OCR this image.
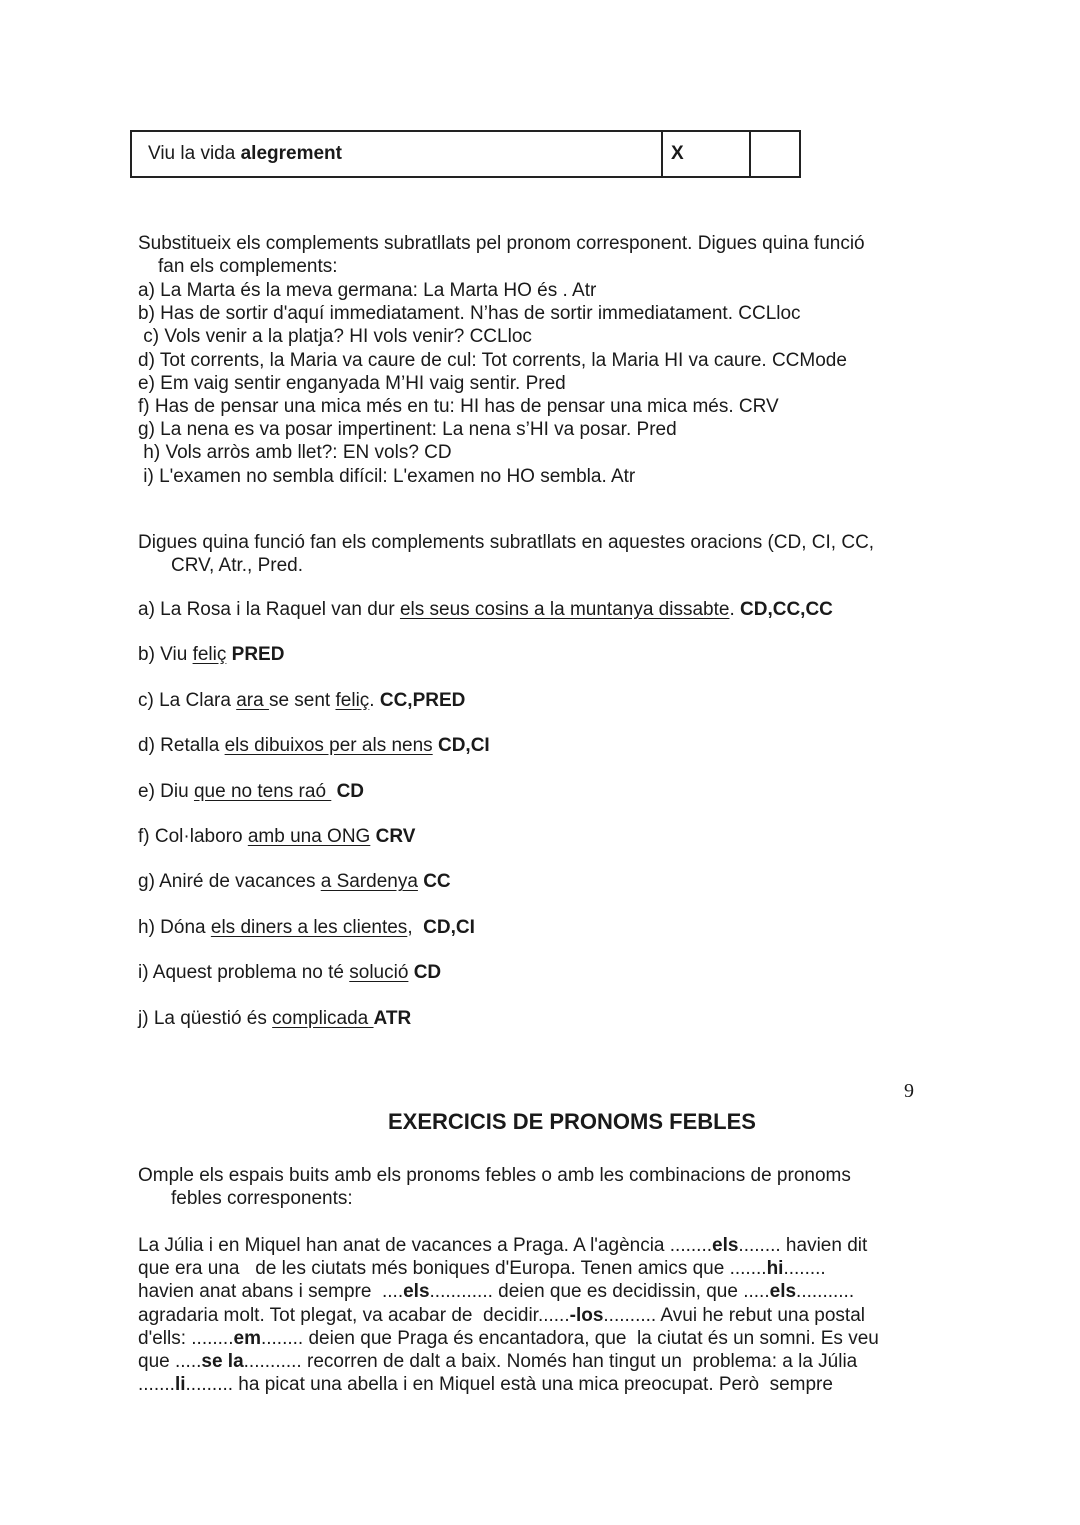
Viu la vida alegrement	X
Substitueix els complements subratllats pel pronom corresponent. Digues quina funció
fan els complements:
a) La Marta és la meva germana: La Marta HO és . Atr
b) Has de sortir d'aquí immediatament. N’has de sortir immediatament. CCLloc
c) Vols venir a la platja? HI vols venir? CCLloc
d) Tot corrents, la Maria va caure de cul: Tot corrents, la Maria HI va caure. CCMode
e) Em vaig sentir enganyada M’HI vaig sentir. Pred
f) Has de pensar una mica més en tu: HI has de pensar una mica més. CRV
g) La nena es va posar impertinent: La nena s’HI va posar. Pred
h) Vols arròs amb llet?: EN vols? CD
i) L'examen no sembla difícil: L'examen no HO sembla. Atr
Digues quina funció fan els complements subratllats en aquestes oracions (CD, CI, CC,
CRV, Atr., Pred.
a) La Rosa i la Raquel van dur els seus cosins a la muntanya dissabte. CD,CC,CC
b) Viu feliç PRED
c) La Clara ara se sent feliç. CC,PRED
d) Retalla els dibuixos per als nens CD,CI
e) Diu que no tens raó  CD
f) Col·laboro amb una ONG CRV
g) Aniré de vacances a Sardenya CC
h) Dóna els diners a les clientes,  CD,CI
i) Aquest problema no té solució CD
j) La qüestió és complicada ATR
9
EXERCICIS DE PRONOMS FEBLES
Omple els espais buits amb els pronoms febles o amb les combinacions de pronoms
febles corresponents:
La Júlia i en Miquel han anat de vacances a Praga. A l'agència ........els........ havien dit
que era una   de les ciutats més boniques d'Europa. Tenen amics que .......hi........
havien anat abans i sempre  ....els............ deien que es decidissin, que .....els...........
agradaria molt. Tot plegat, va acabar de  decidir......-los.......... Avui he rebut una postal
d'ells: ........em........ deien que Praga és encantadora, que  la ciutat és un somni. Es veu
que .....se la........... recorren de dalt a baix. Només han tingut un  problema: a la Júlia
.......li......... ha picat una abella i en Miquel està una mica preocupat. Però  sempre
